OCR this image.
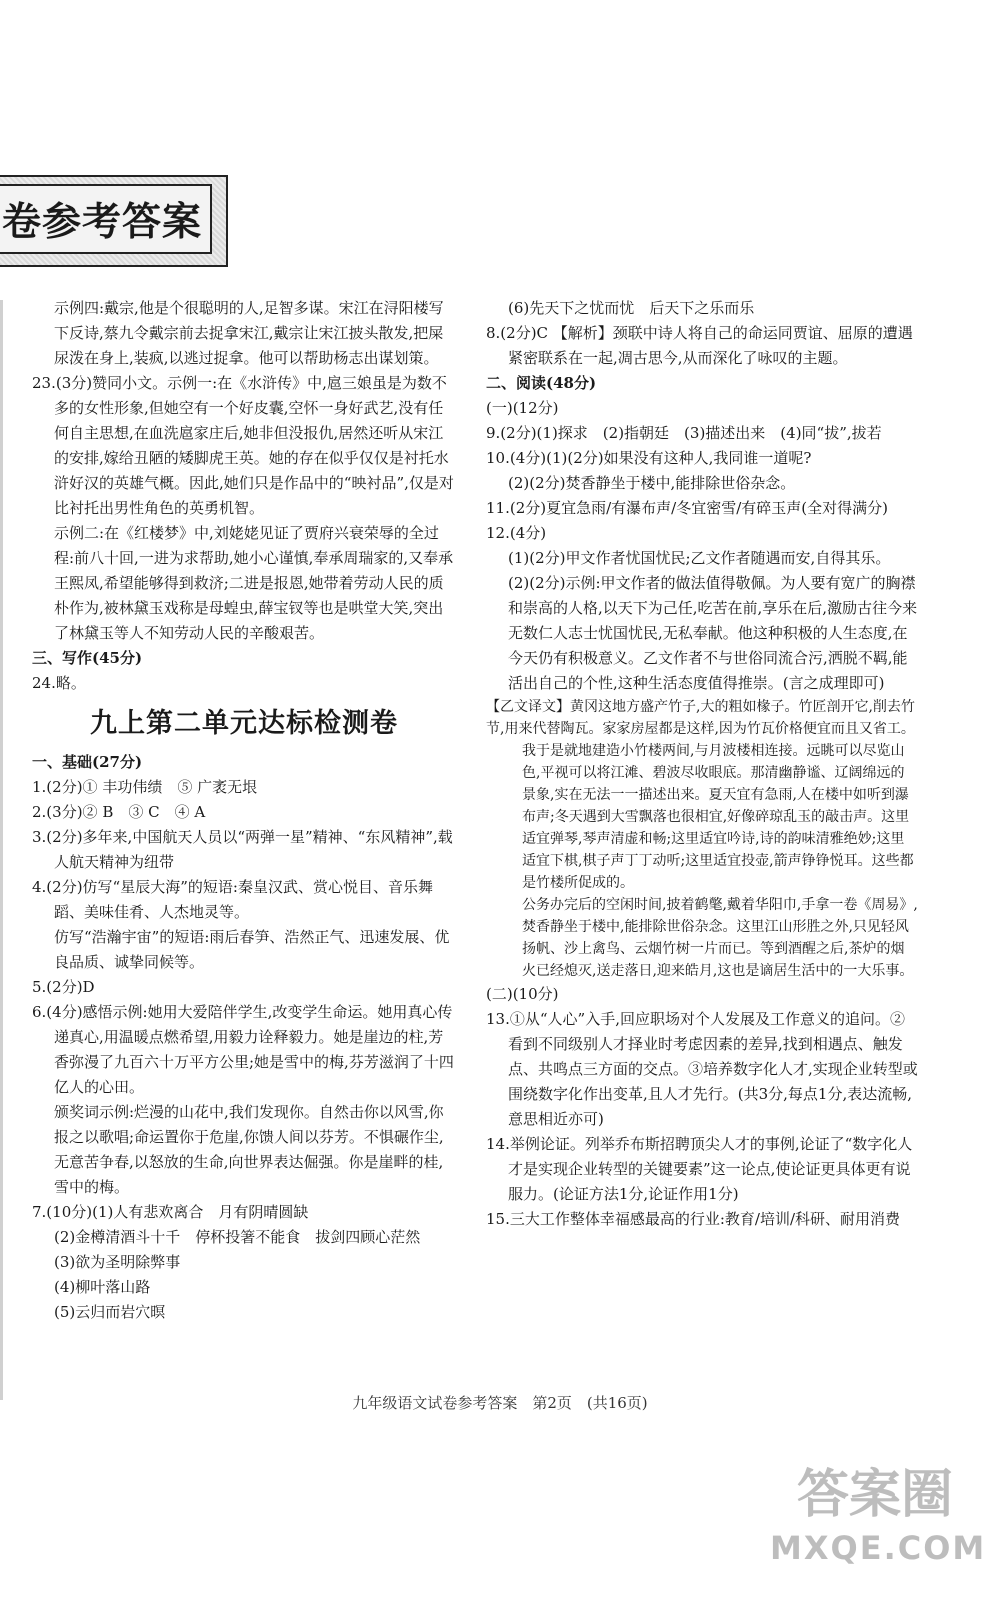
卷参考答案

示例四:戴宗,他是个很聪明的人,足智多谋。宋江在浔阳楼写下反诗,蔡九令戴宗前去捉拿宋江,戴宗让宋江披头散发,把屎尿泼在身上,装疯,以逃过捉拿。他可以帮助杨志出谋划策。

23.(3分)赞同小文。示例一:在《水浒传》中,扈三娘虽是为数不多的女性形象,但她空有一个好皮囊,空怀一身好武艺,没有任何自主思想,在血洗扈家庄后,她非但没报仇,居然还听从宋江的安排,嫁给丑陋的矮脚虎王英。她的存在似乎仅仅是衬托水浒好汉的英雄气概。因此,她们只是作品中的“映衬品”,仅是对比衬托出男性角色的英勇机智。

示例二:在《红楼梦》中,刘姥姥见证了贾府兴衰荣辱的全过程:前八十回,一进为求帮助,她小心谨慎,奉承周瑞家的,又奉承王熙凤,希望能够得到救济;二进是报恩,她带着劳动人民的质朴作为,被林黛玉戏称是母蝗虫,薛宝钗等也是哄堂大笑,突出了林黛玉等人不知劳动人民的辛酸艰苦。

三、写作(45分)

24.略。

九上第二单元达标检测卷

一、基础(27分)

1.(2分)① 丰功伟绩　⑤ 广袤无垠

2.(3分)② B　③ C　④ A

3.(2分)多年来,中国航天人员以“两弹一星”精神、“东风精神”,载人航天精神为纽带

4.(2分)仿写“星辰大海”的短语:秦皇汉武、赏心悦目、音乐舞蹈、美味佳肴、人杰地灵等。

仿写“浩瀚宇宙”的短语:雨后春笋、浩然正气、迅速发展、优良品质、诚挚同候等。

5.(2分)D

6.(4分)感悟示例:她用大爱陪伴学生,改变学生命运。她用真心传递真心,用温暖点燃希望,用毅力诠释毅力。她是崖边的柱,芳香弥漫了九百六十万平方公里;她是雪中的梅,芬芳滋润了十四亿人的心田。

颁奖词示例:烂漫的山花中,我们发现你。自然击你以风雪,你报之以歌唱;命运置你于危崖,你馈人间以芬芳。不惧碾作尘,无意苦争春,以怒放的生命,向世界表达倔强。你是崖畔的桂,雪中的梅。

7.(10分)(1)人有悲欢离合　月有阴晴圆缺

(2)金樽清酒斗十千　停杯投箸不能食　拔剑四顾心茫然

(3)欲为圣明除弊事

(4)柳叶落山路

(5)云归而岩穴暝

(6)先天下之忧而忧　后天下之乐而乐

8.(2分)C 【解析】颈联中诗人将自己的命运同贾谊、屈原的遭遇紧密联系在一起,凋古思今,从而深化了咏叹的主题。

二、阅读(48分)

(一)(12分)

9.(2分)(1)探求　(2)指朝廷　(3)描述出来　(4)同“拔”,拔若

10.(4分)(1)(2分)如果没有这种人,我同谁一道呢?

(2)(2分)焚香静坐于楼中,能排除世俗杂念。

11.(2分)夏宜急雨/有瀑布声/冬宜密雪/有碎玉声(全对得满分)

12.(4分)

(1)(2分)甲文作者忧国忧民;乙文作者随遇而安,自得其乐。

(2)(2分)示例:甲文作者的做法值得敬佩。为人要有宽广的胸襟和崇高的人格,以天下为己任,吃苦在前,享乐在后,激励古往今来无数仁人志士忧国忧民,无私奉献。他这种积极的人生态度,在今天仍有积极意义。乙文作者不与世俗同流合污,洒脱不羁,能活出自己的个性,这种生活态度值得推崇。(言之成理即可)

【乙文译文】黄冈这地方盛产竹子,大的粗如椽子。竹匠剖开它,削去竹节,用来代替陶瓦。家家房屋都是这样,因为竹瓦价格便宜而且又省工。

我于是就地建造小竹楼两间,与月波楼相连接。远眺可以尽览山色,平视可以将江滩、碧波尽收眼底。那清幽静谧、辽阔绵远的景象,实在无法一一描述出来。夏天宜有急雨,人在楼中如听到瀑布声;冬天遇到大雪飘落也很相宜,好像碎琼乱玉的敲击声。这里适宜弹琴,琴声清虚和畅;这里适宜吟诗,诗的韵味清雅绝妙;这里适宜下棋,棋子声丁丁动听;这里适宜投壶,箭声铮铮悦耳。这些都是竹楼所促成的。

公务办完后的空闲时间,披着鹤氅,戴着华阳巾,手拿一卷《周易》,焚香静坐于楼中,能排除世俗杂念。这里江山形胜之外,只见轻风扬帆、沙上禽鸟、云烟竹树一片而已。等到酒醒之后,茶炉的烟火已经熄灭,送走落日,迎来皓月,这也是谪居生活中的一大乐事。

(二)(10分)

13.①从“人心”入手,回应职场对个人发展及工作意义的追问。②看到不同级别人才择业时考虑因素的差异,找到相遇点、触发点、共鸣点三方面的交点。③培养数字化人才,实现企业转型或围绕数字化作出变革,且人才先行。(共3分,每点1分,表达流畅,意思相近亦可)

14.举例论证。列举乔布斯招聘顶尖人才的事例,论证了“数字化人才是实现企业转型的关键要素”这一论点,使论证更具体更有说服力。(论证方法1分,论证作用1分)

15.三大工作整体幸福感最高的行业:教育/培训/科研、耐用消费

九年级语文试卷参考答案　第2页　(共16页)
答案圈
MXQE.COM
